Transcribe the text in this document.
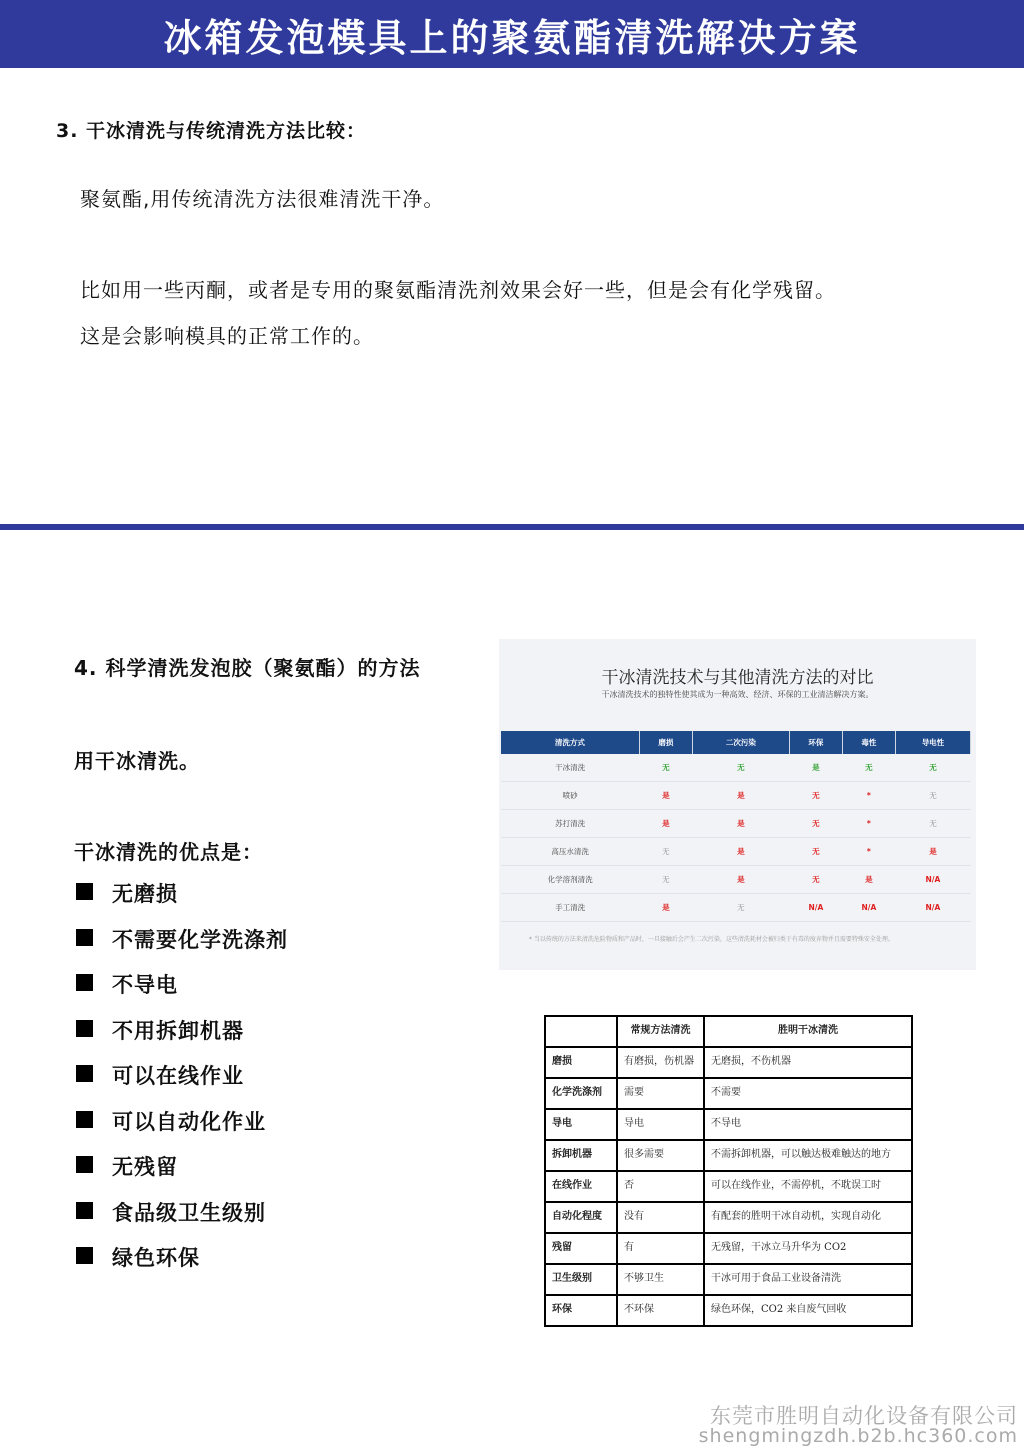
冰箱发泡模具上的聚氨酯清洗解决方案
3. 干冰清洗与传统清洗方法比较：
聚氨酯,用传统清洗方法很难清洗干净。
比如用一些丙酮，或者是专用的聚氨酯清洗剂效果会好一些，但是会有化学残留。
这是会影响模具的正常工作的。
4. 科学清洗发泡胶（聚氨酯）的方法
用干冰清洗。
干冰清洗的优点是：
无磨损
不需要化学洗涤剂
不导电
不用拆卸机器
可以在线作业
可以自动化作业
无残留
食品级卫生级别
绿色环保
干冰清洗技术与其他清洗方法的对比
干冰清洗技术的独特性使其成为一种高效、经济、环保的工业清洁解决方案。
清洗方式	磨损	二次污染	环保	毒性	导电性
干冰清洗	无	无	是	无	无
喷砂	是	是	无	*	无
苏打清洗	是	是	无	*	无
高压水清洗	无	是	无	*	是
化学溶剂清洗	无	是	无	是	N/A
手工清洗	是	无	N/A	N/A	N/A
* 当以传统的方法来清洗危险物质和产品时，一旦接触后会产生二次污染，这些清洗耗材会被归类于有毒的废弃物并且需要特殊安全处理。
	常规方法清洗	胜明干冰清洗
磨损	有磨损，伤机器	无磨损，不伤机器
化学洗涤剂	需要	不需要
导电	导电	不导电
拆卸机器	很多需要	不需拆卸机器，可以触达极难触达的地方
在线作业	否	可以在线作业，不需停机，不耽误工时
自动化程度	没有	有配套的胜明干冰自动机，实现自动化
残留	有	无残留，干冰立马升华为 CO2
卫生级别	不够卫生	干冰可用于食品工业设备清洗
环保	不环保	绿色环保，CO2 来自废气回收
东莞市胜明自动化设备有限公司
shengmingzdh.b2b.hc360.com
